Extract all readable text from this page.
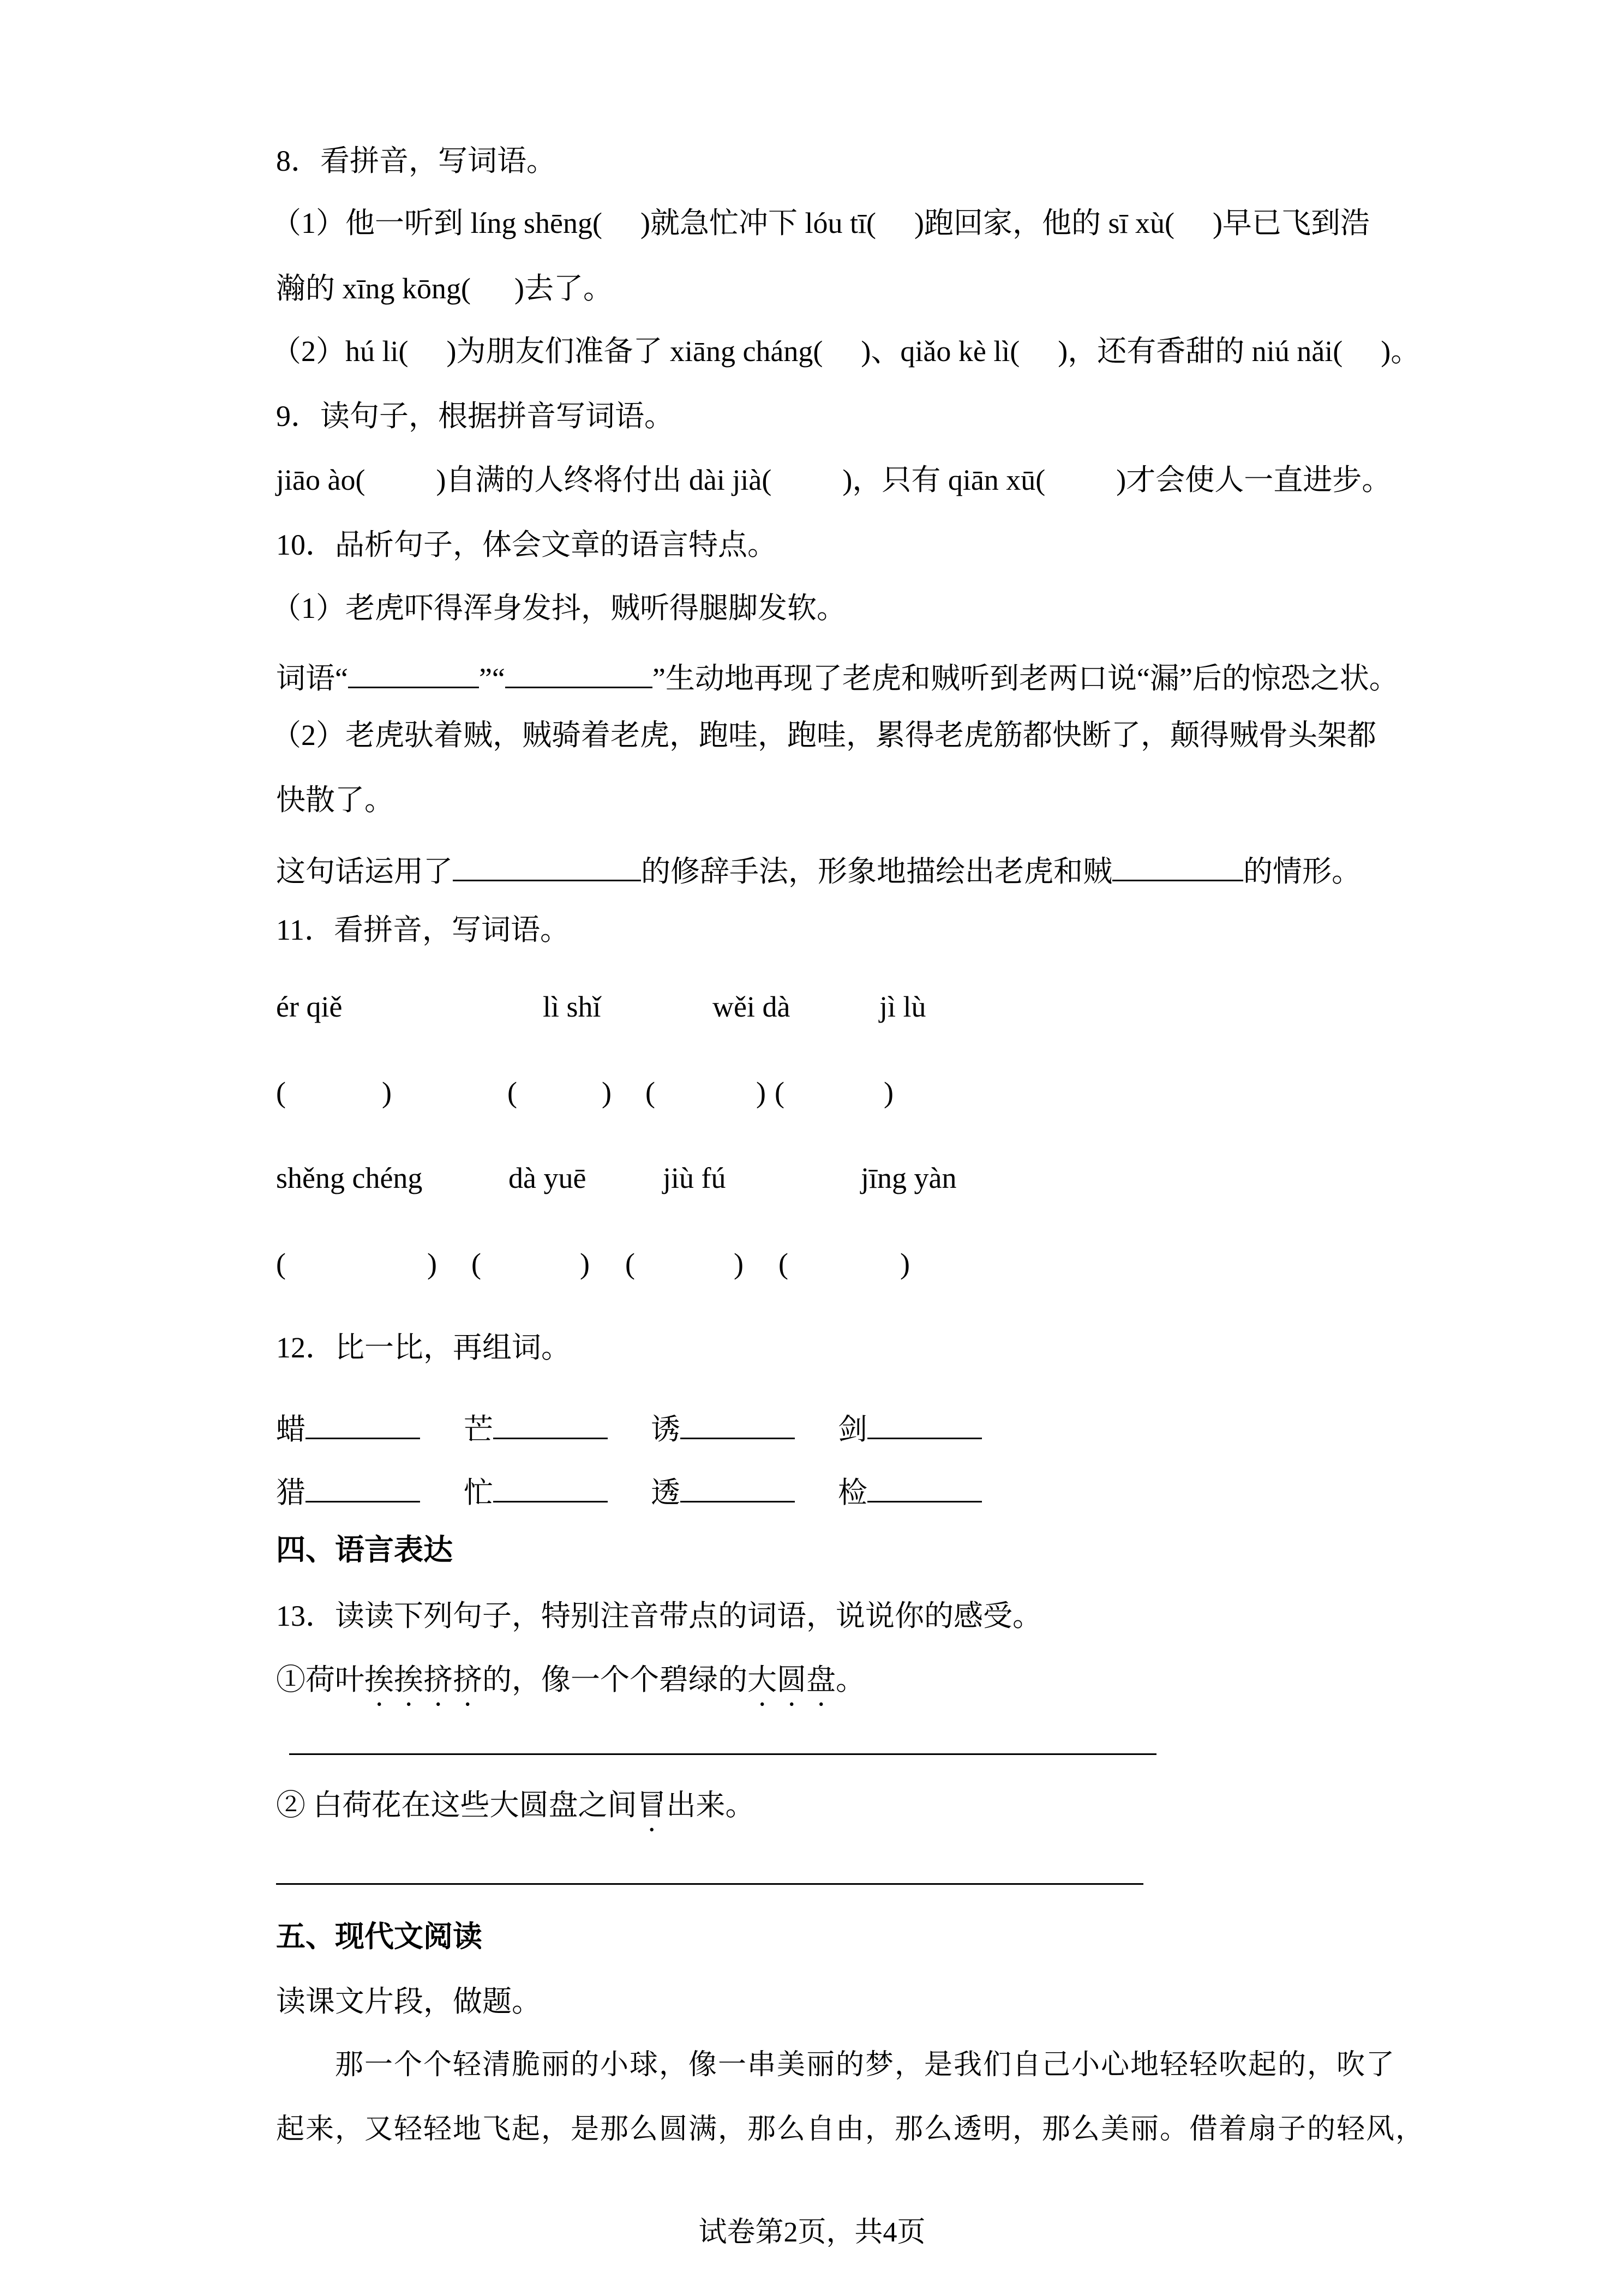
8．看拼音，写词语。
（1）他一听到 líng shēng( )就急忙冲下 lóu tī( )跑回家，他的 sī xù( )早已飞到浩
瀚的 xīng kōng( )去了。
（2）hú li( )为朋友们准备了 xiāng cháng( )、qiǎo kè lì( )，还有香甜的 niú nǎi( )。
9．读句子，根据拼音写词语。
jiāo ào( )自满的人终将付出 dài jià( )，只有 qiān xū( )才会使人一直进步。
10．品析句子，体会文章的语言特点。
（1）老虎吓得浑身发抖，贼听得腿脚发软。
词语“	”“	”生动地再现了老虎和贼听到老两口说“漏”后的惊恐之状。
（2）老虎驮着贼，贼骑着老虎，跑哇，跑哇，累得老虎筋都快断了，颠得贼骨头架都
快散了。
这句话运用了	的修辞手法，形象地描绘出老虎和贼	的情形。
11．看拼音，写词语。
ér qiě	lì shǐ	wěi dà	jì lù
(	)	(	) (	) (	)
shěng chéng	dà yuē	jiù fú	jīng yàn
(	) (	) (	) (	)
12．比一比，再组词。
蜡	芒	诱	剑
猎	忙	透	检
四、语言表达
13．读读下列句子，特别注音带点的词语，说说你的感受。
①荷叶挨挨挤挤的，像一个个碧绿的大圆盘。
② 白荷花在这些大圆盘之间冒出来。
五、现代文阅读
读课文片段，做题。
那一个个轻清脆丽的小球，像一串美丽的梦，是我们自己小心地轻轻吹起的，吹了
起来，又轻轻地飞起，是那么圆满，那么自由，那么透明，那么美丽。借着扇子的轻风，
试卷第2页，共4页
